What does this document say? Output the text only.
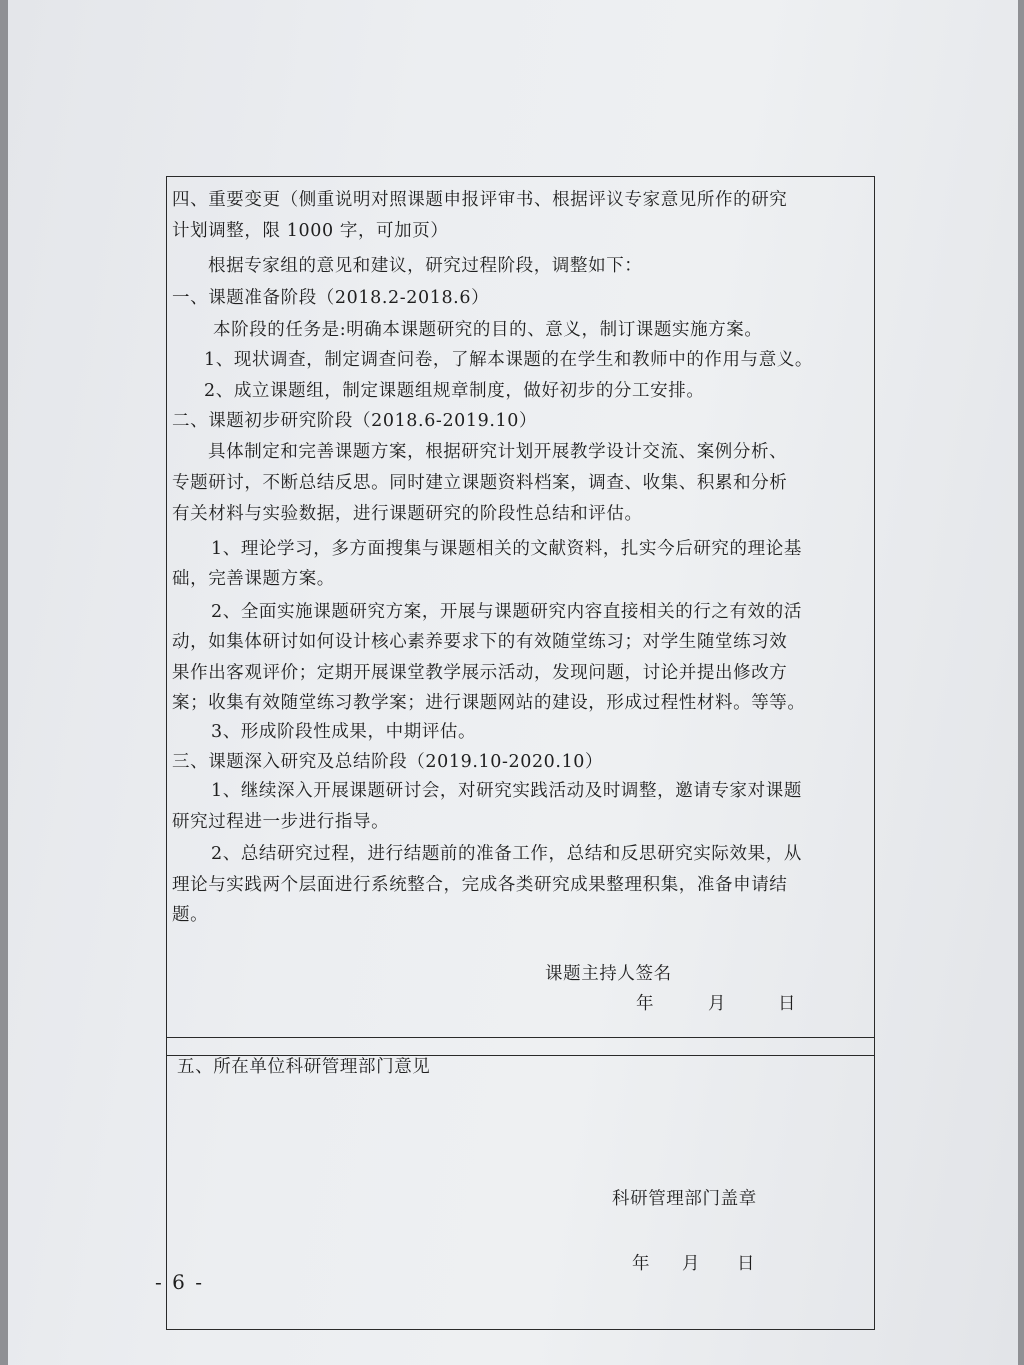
四、重要变更（侧重说明对照课题申报评审书、根据评议专家意见所作的研究
计划调整，限 1000 字，可加页）
根据专家组的意见和建议，研究过程阶段，调整如下：
一、课题准备阶段（2018.2-2018.6）
本阶段的任务是:明确本课题研究的目的、意义，制订课题实施方案。
1、现状调查，制定调查问卷，了解本课题的在学生和教师中的作用与意义。
2、成立课题组，制定课题组规章制度，做好初步的分工安排。
二、课题初步研究阶段（2018.6-2019.10）
具体制定和完善课题方案，根据研究计划开展教学设计交流、案例分析、
专题研讨，不断总结反思。同时建立课题资料档案，调查、收集、积累和分析
有关材料与实验数据，进行课题研究的阶段性总结和评估。
1、理论学习，多方面搜集与课题相关的文献资料，扎实今后研究的理论基
础，完善课题方案。
2、全面实施课题研究方案，开展与课题研究内容直接相关的行之有效的活
动，如集体研讨如何设计核心素养要求下的有效随堂练习；对学生随堂练习效
果作出客观评价；定期开展课堂教学展示活动，发现问题，讨论并提出修改方
案；收集有效随堂练习教学案；进行课题网站的建设，形成过程性材料。等等。
3、形成阶段性成果，中期评估。
三、课题深入研究及总结阶段（2019.10-2020.10）
1、继续深入开展课题研讨会，对研究实践活动及时调整，邀请专家对课题
研究过程进一步进行指导。
2、总结研究过程，进行结题前的准备工作，总结和反思研究实际效果，从
理论与实践两个层面进行系统整合，完成各类研究成果整理积集，准备申请结
题。
课题主持人签名
年	月	日
五、所在单位科研管理部门意见
科研管理部门盖章
年 月 日
- 6 -
